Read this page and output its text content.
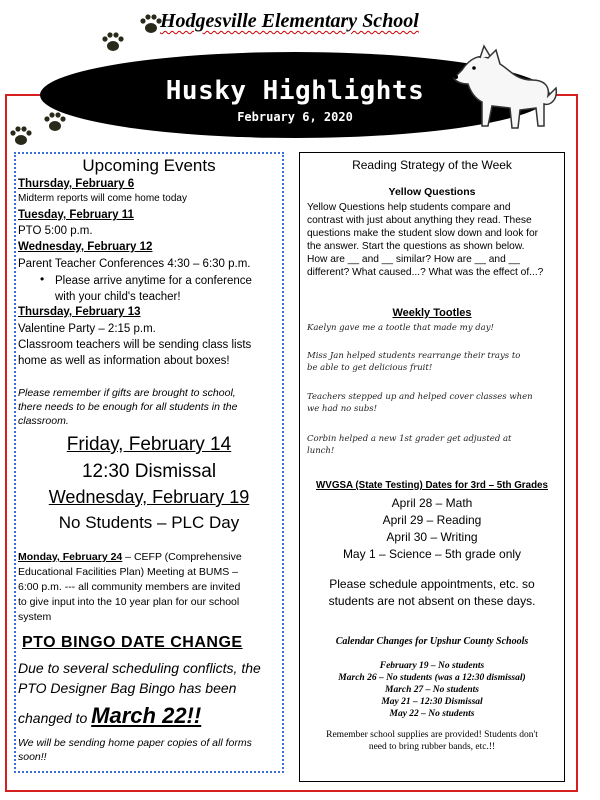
Hodgesville Elementary School
Husky Highlights
February 6, 2020
Upcoming Events
Thursday, February 6
Midterm reports will come home today
Tuesday, February 11
PTO 5:00 p.m.
Wednesday, February 12
Parent Teacher Conferences 4:30 – 6:30 p.m.
• Please arrive anytime for a conference
with your child's teacher!
Thursday, February 13
Valentine Party – 2:15 p.m.
Classroom teachers will be sending class lists
home as well as information about boxes!
Please remember if gifts are brought to school,
there needs to be enough for all students in the
classroom.
Friday, February 14
12:30 Dismissal
Wednesday, February 19
No Students – PLC Day
Monday, February 24 – CEFP (Comprehensive
Educational Facilities Plan) Meeting at BUMS –
6:00 p.m. --- all community members are invited
to give input into the 10 year plan for our school
system
PTO BINGO DATE CHANGE
Due to several scheduling conflicts, the
PTO Designer Bag Bingo has been
changed to March 22!!
We will be sending home paper copies of all forms
soon!!
Reading Strategy of the Week
Yellow Questions
Yellow Questions help students compare and
contrast with just about anything they read. These
questions make the student slow down and look for
the answer. Start the questions as shown below.
How are __ and __ similar? How are __ and __
different? What caused...? What was the effect of...?
Weekly Tootles
Kaelyn gave me a tootle that made my day!
Miss Jan helped students rearrange their trays to
be able to get delicious fruit!
Teachers stepped up and helped cover classes when
we had no subs!
Corbin helped a new 1st grader get adjusted at
lunch!
WVGSA (State Testing) Dates for 3rd – 5th Grades
April 28 – Math
April 29 – Reading
April 30 – Writing
May 1 – Science – 5th grade only
Please schedule appointments, etc. so
students are not absent on these days.
Calendar Changes for Upshur County Schools
February 19 – No students
March 26 – No students (was a 12:30 dismissal)
March 27 – No students
May 21 – 12:30 Dismissal
May 22 – No students
Remember school supplies are provided! Students don't
need to bring rubber bands, etc.!!
